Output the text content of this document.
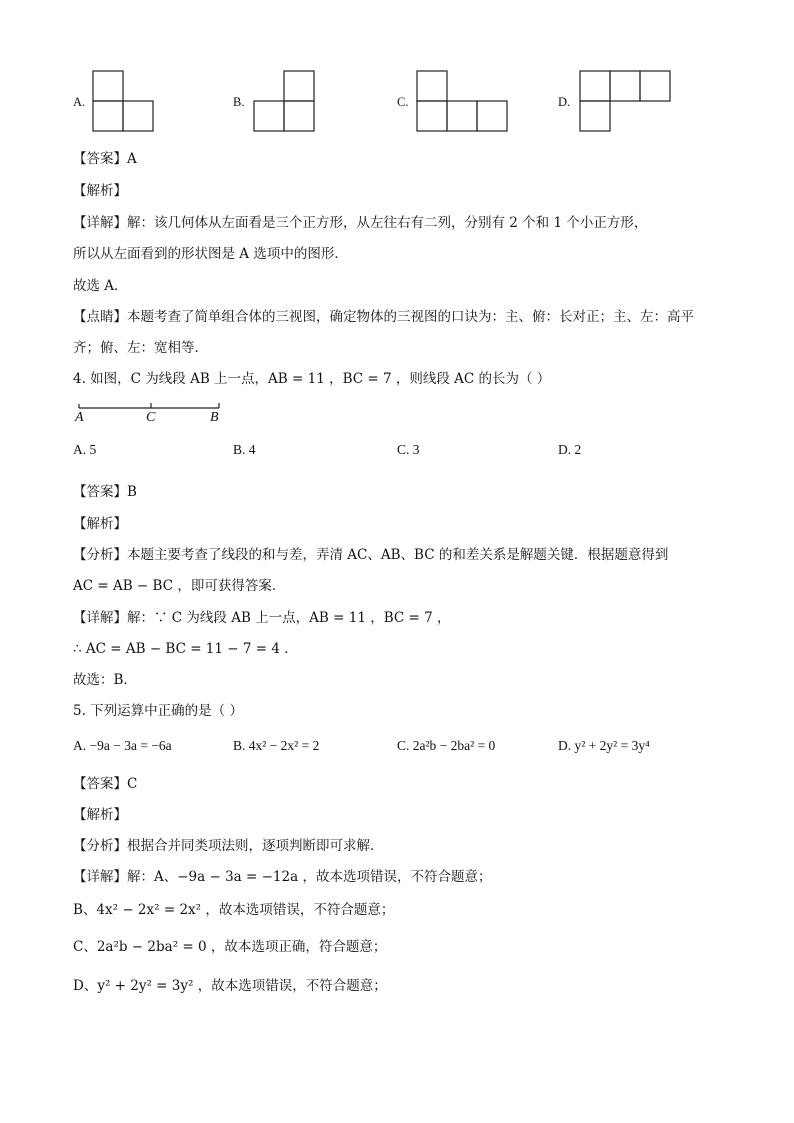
A.	B.	C.	D.
【答案】A
【解析】
【详解】解：该几何体从左面看是三个正方形，从左往右有二列，分别有 2 个和 1 个小正方形，
所以从左面看到的形状图是 A 选项中的图形．
故选 A．
【点睛】本题考查了简单组合体的三视图，确定物体的三视图的口诀为：主、俯：长对正；主、左：高平
齐；俯、左：宽相等．
4. 如图，C 为线段 AB 上一点，AB = 11 ，BC = 7 ，则线段 AC 的长为（ ）
A	C	B
A. 5	B. 4	C. 3	D. 2
【答案】B
【解析】
【分析】本题主要考查了线段的和与差，弄清 AC、AB、BC 的和差关系是解题关键．根据题意得到
AC = AB − BC ，即可获得答案．
【详解】解：∵ C 为线段 AB 上一点，AB = 11 ，BC = 7 ，
∴ AC = AB − BC = 11 − 7 = 4 ．
故选：B．
5. 下列运算中正确的是（ ）
A. −9a − 3a = −6a	B. 4x² − 2x² = 2	C. 2a²b − 2ba² = 0	D. y² + 2y² = 3y⁴
【答案】C
【解析】
【分析】根据合并同类项法则，逐项判断即可求解．
【详解】解：A、−9a − 3a = −12a ，故本选项错误，不符合题意；
B、4x² − 2x² = 2x² ，故本选项错误，不符合题意；
C、2a²b − 2ba² = 0 ，故本选项正确，符合题意；
D、y² + 2y² = 3y² ，故本选项错误，不符合题意；
